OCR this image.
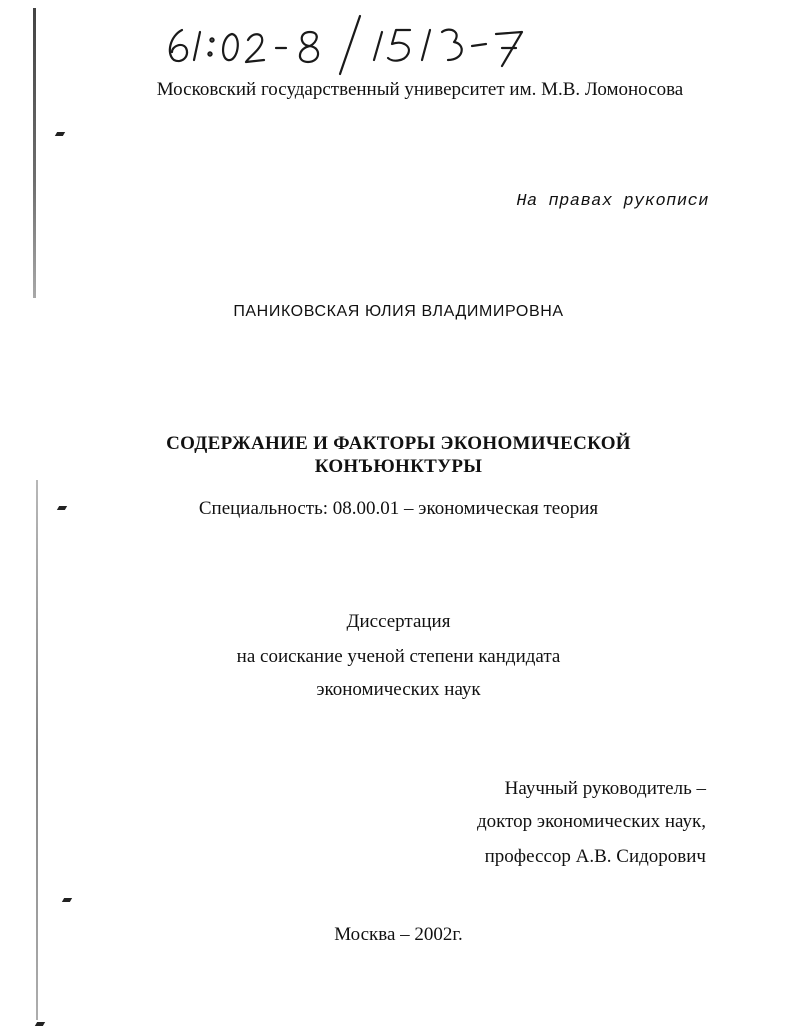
Московский государственный университет им. М.В. Ломоносова
На правах рукописи
ПАНИКОВСКАЯ ЮЛИЯ ВЛАДИМИРОВНА
СОДЕРЖАНИЕ И ФАКТОРЫ ЭКОНОМИЧЕСКОЙ
КОНЪЮНКТУРЫ
Специальность: 08.00.01 – экономическая теория
Диссертация
на соискание ученой степени кандидата
экономических наук
Научный руководитель –
доктор экономических наук,
профессор А.В. Сидорович
Москва – 2002г.
